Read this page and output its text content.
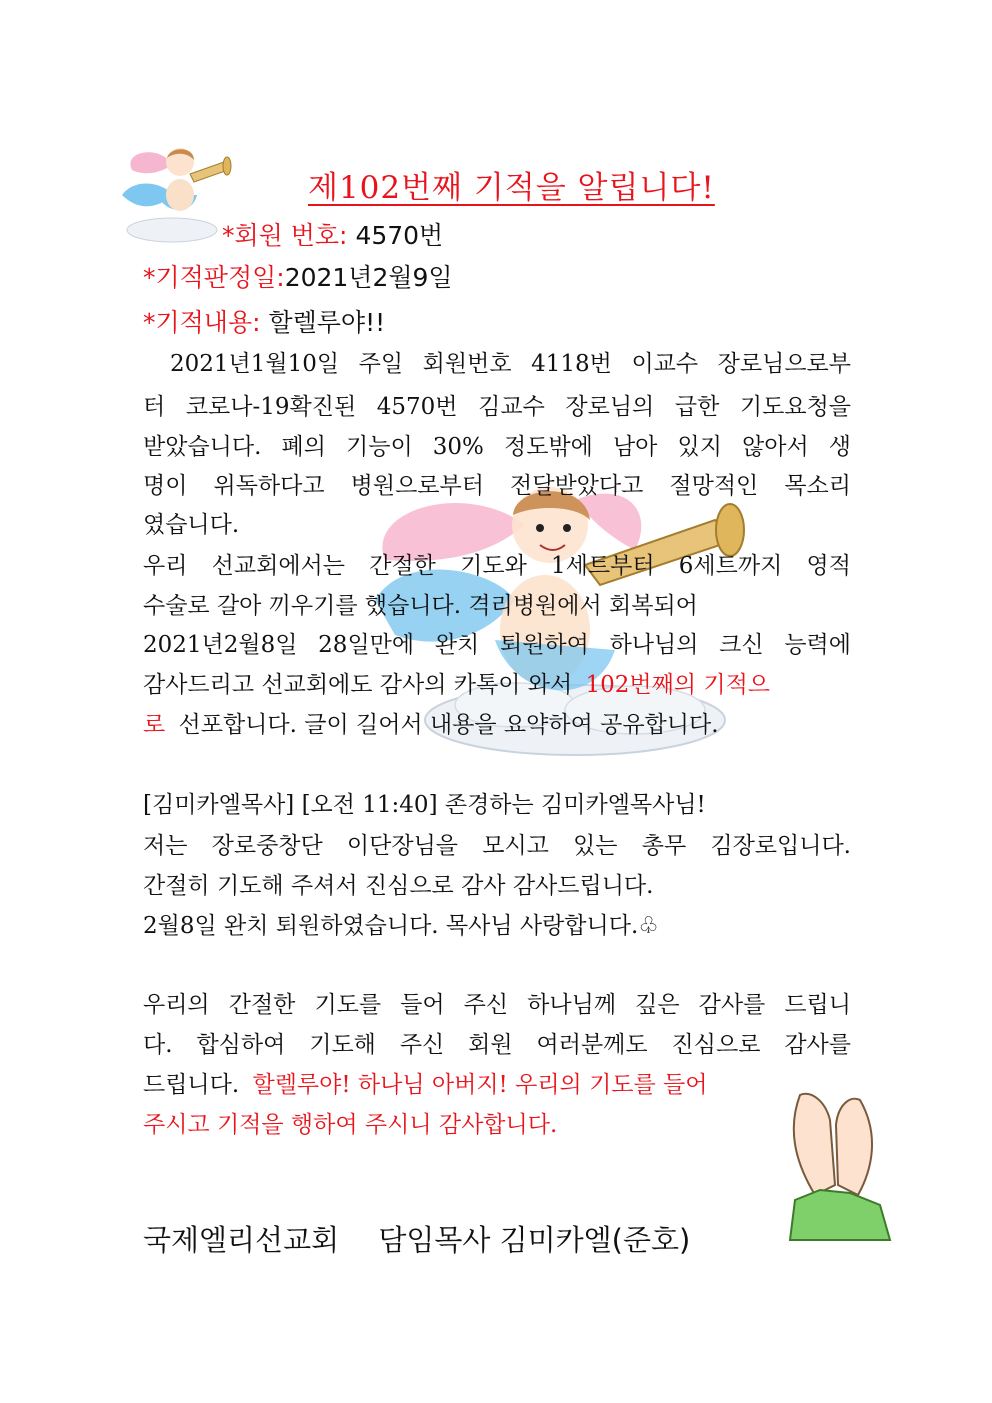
제102번째 기적을 알립니다!
*회원 번호: 4570번
*기적판정일:2021년2월9일
*기적내용: 할렐루야!!
2021년1월10일 주일 회원번호 4118번 이교수 장로님으로부
터 코로나-19확진된 4570번 김교수 장로님의 급한 기도요청을
받았습니다. 폐의 기능이 30% 정도밖에 남아 있지 않아서 생
명이 위독하다고 병원으로부터 전달받았다고 절망적인 목소리
였습니다.
우리 선교회에서는 간절한 기도와 1세트부터 6세트까지 영적
수술로 갈아 끼우기를 했습니다. 격리병원에서 회복되어
2021년2월8일 28일만에 완치 퇴원하여 하나님의 크신 능력에
감사드리고 선교회에도 감사의 카톡이 와서 102번째의 기적으
로 선포합니다. 글이 길어서 내용을 요약하여 공유합니다.
[김미카엘목사] [오전 11:40] 존경하는 김미카엘목사님!
저는 장로중창단 이단장님을 모시고 있는 총무 김장로입니다.
간절히 기도해 주셔서 진심으로 감사 감사드립니다.
2월8일 완치 퇴원하였습니다. 목사님 사랑합니다.♧
우리의 간절한 기도를 들어 주신 하나님께 깊은 감사를 드립니
다. 합심하여 기도해 주신 회원 여러분께도 진심으로 감사를
드립니다. 할렐루야! 하나님 아버지! 우리의 기도를 들어
주시고 기적을 행하여 주시니 감사합니다.
국제엘리선교회 담임목사 김미카엘(준호)
